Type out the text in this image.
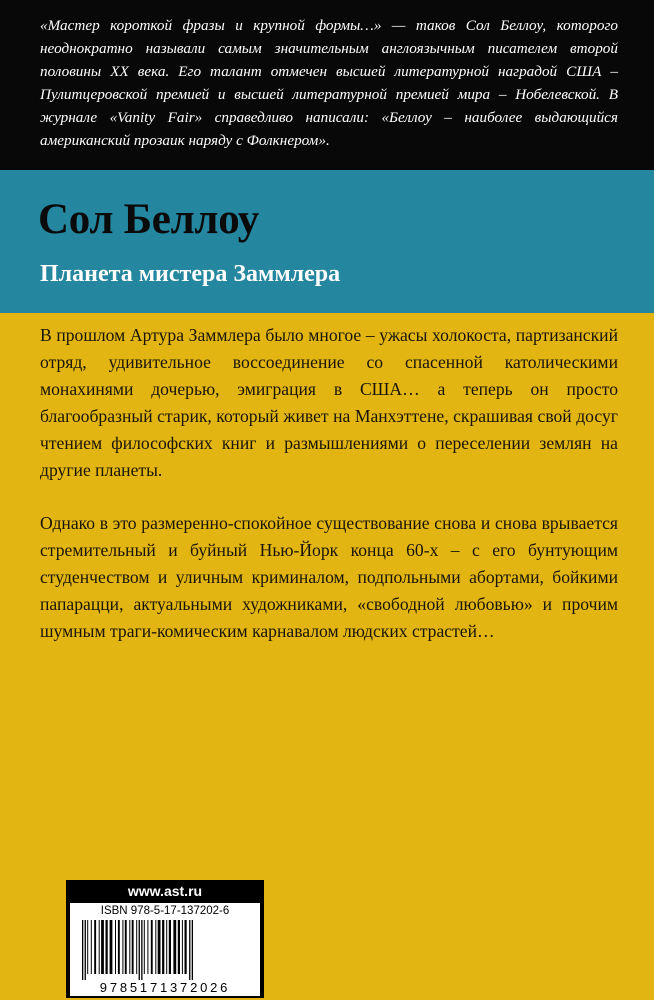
«Мастер короткой фразы и крупной формы…» — таков Сол Беллоу, которого неоднократно называли самым значительным англоязычным писателем второй половины XX века. Его талант отмечен высшей литературной наградой США – Пулитцеровской премией и высшей литературной премией мира – Нобелевской. В журнале «Vanity Fair» справедливо написали: «Беллоу – наиболее выдающийся американский прозаик наряду с Фолкнером».

Сол Беллоу
Планета мистера Заммлера

В прошлом Артура Заммлера было многое – ужасы холокоста, партизанский отряд, удивительное воссоединение со спасенной католическими монахинями дочерью, эмиграция в США… а теперь он просто благообразный старик, который живет на Манхэттене, скрашивая свой досуг чтением философских книг и размышлениями о переселении землян на другие планеты.

Однако в это размеренно-спокойное существование снова и снова врывается стремительный и буйный Нью-Йорк конца 60-х – с его бунтующим студенчеством и уличным криминалом, подпольными абортами, бойкими папарацци, актуальными художниками, «свободной любовью» и прочим шумным траги-комическим карнавалом людских страстей…

www.ast.ru
ISBN 978-5-17-137202-6
9785171372026
